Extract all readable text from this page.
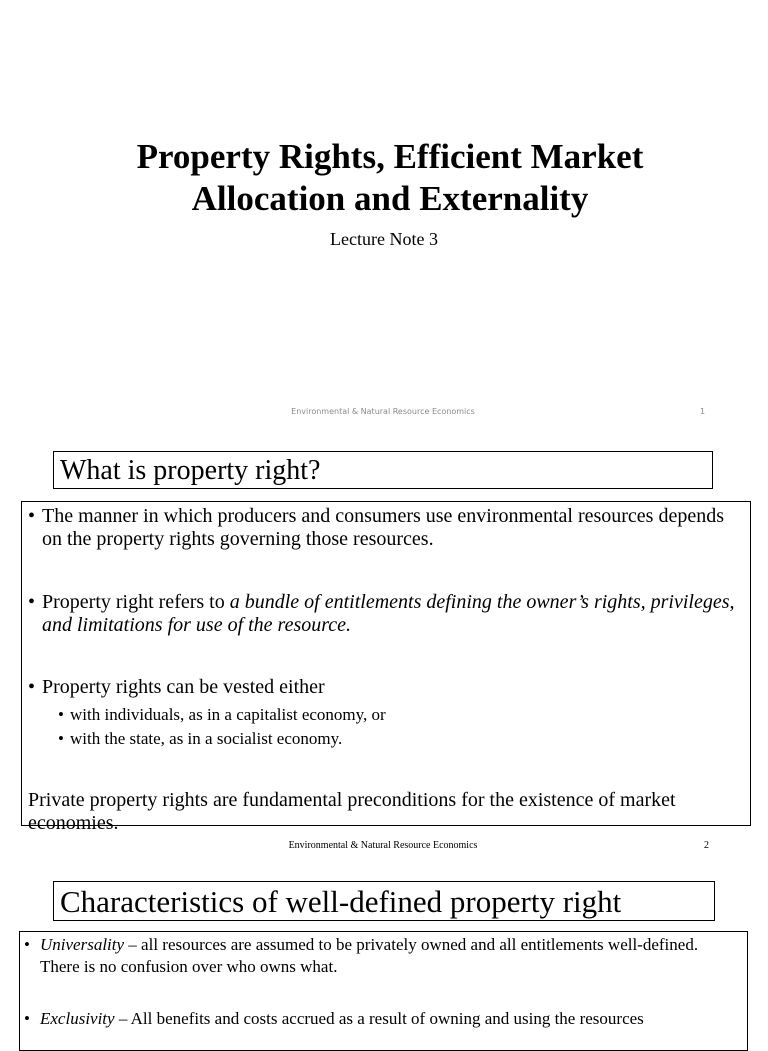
Property Rights, Efficient Market
Allocation and Externality
Lecture Note 3
Environmental & Natural Resource Economics	1
What is property right?
• The manner in which producers and consumers use environmental resources depends on the property rights governing those resources.
• Property right refers to a bundle of entitlements defining the owner’s rights, privileges, and limitations for use of the resource.
• Property rights can be vested either
• with individuals, as in a capitalist economy, or
• with the state, as in a socialist economy.
Private property rights are fundamental preconditions for the existence of market economies.
Environmental & Natural Resource Economics	2
Characteristics of well-defined property right
• Universality – all resources are assumed to be privately owned and all entitlements well-defined. There is no confusion over who owns what.
• Exclusivity – All benefits and costs accrued as a result of owning and using the resources
